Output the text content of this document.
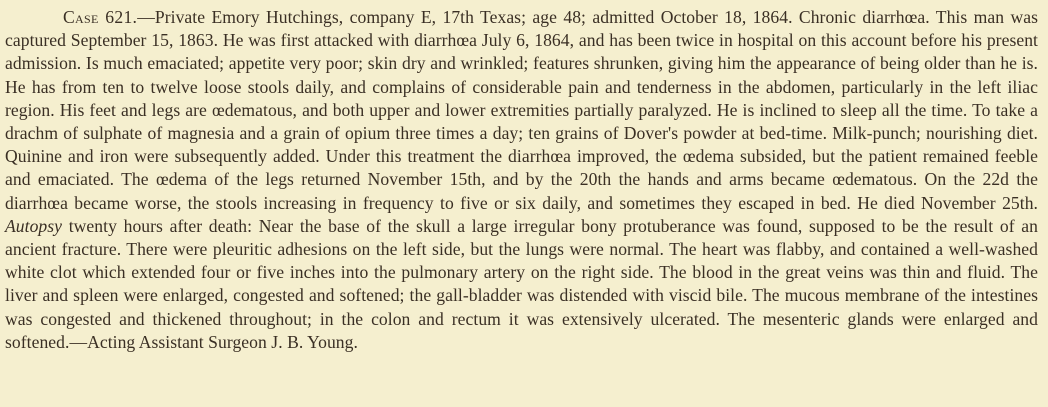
Case 621.—Private Emory Hutchings, company E, 17th Texas; age 48; admitted October 18, 1864. Chronic diarrhœa. This man was captured September 15, 1863. He was first attacked with diarrhœa July 6, 1864, and has been twice in hospital on this account before his present admission. Is much emaciated; appetite very poor; skin dry and wrinkled; features shrunken, giving him the appearance of being older than he is. He has from ten to twelve loose stools daily, and complains of considerable pain and tenderness in the abdomen, particularly in the left iliac region. His feet and legs are œdematous, and both upper and lower extremities partially paralyzed. He is inclined to sleep all the time. To take a drachm of sulphate of magnesia and a grain of opium three times a day; ten grains of Dover's powder at bed-time. Milk-punch; nourishing diet. Quinine and iron were subsequently added. Under this treatment the diarrhœa improved, the œdema subsided, but the patient remained feeble and emaciated. The œdema of the legs returned November 15th, and by the 20th the hands and arms became œdematous. On the 22d the diarrhœa became worse, the stools increasing in frequency to five or six daily, and sometimes they escaped in bed. He died November 25th. Autopsy twenty hours after death: Near the base of the skull a large irregular bony protuberance was found, supposed to be the result of an ancient fracture. There were pleuritic adhesions on the left side, but the lungs were normal. The heart was flabby, and contained a well-washed white clot which extended four or five inches into the pulmonary artery on the right side. The blood in the great veins was thin and fluid. The liver and spleen were enlarged, congested and softened; the gall-bladder was distended with viscid bile. The mucous membrane of the intestines was congested and thickened throughout; in the colon and rectum it was extensively ulcerated. The mesenteric glands were enlarged and softened.—Acting Assistant Surgeon J. B. Young.
